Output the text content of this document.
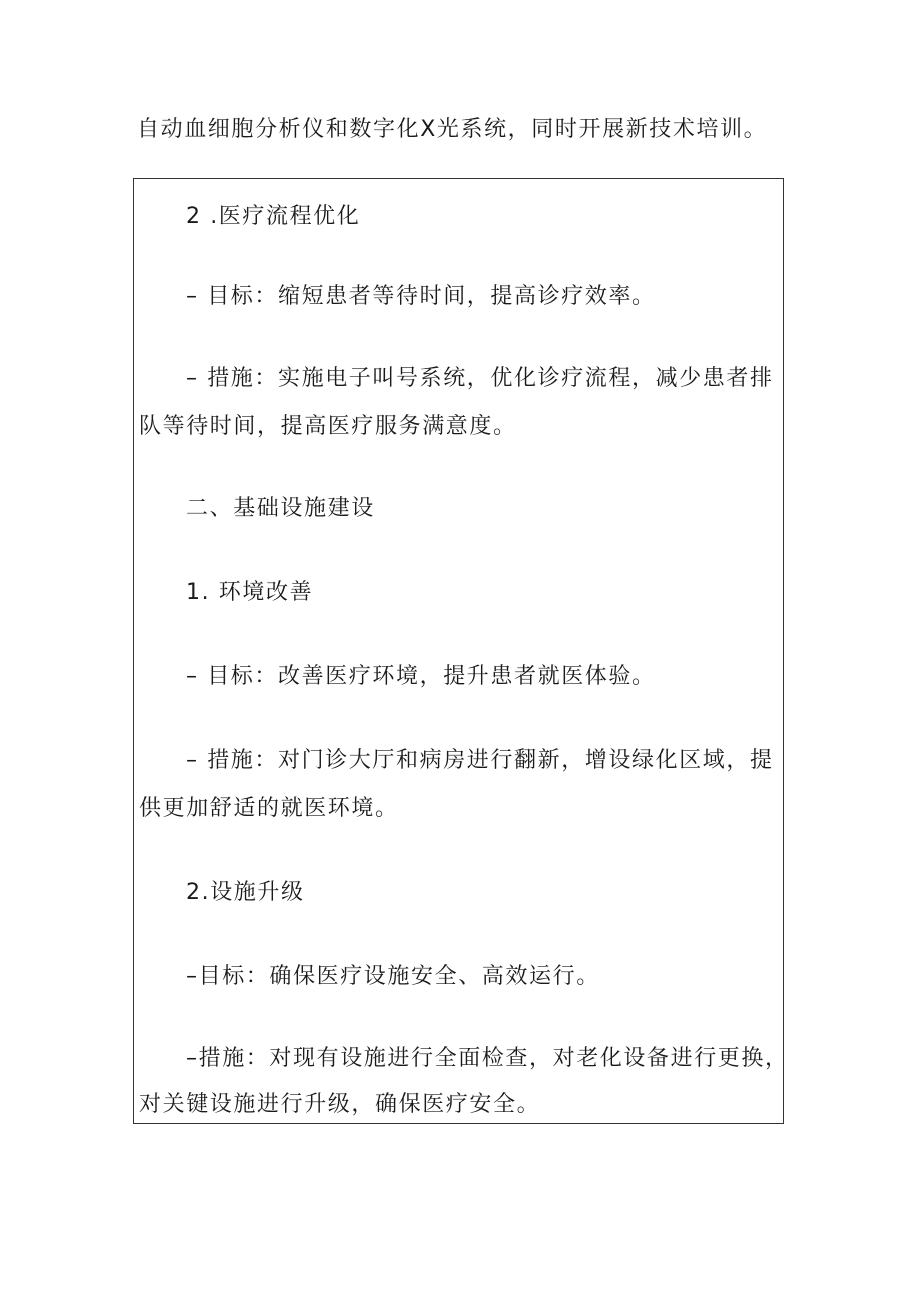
自动血细胞分析仪和数字化X光系统，同时开展新技术培训。
2 .医疗流程优化
– 目标：缩短患者等待时间，提高诊疗效率。
– 措施：实施电子叫号系统，优化诊疗流程，减少患者排
队等待时间，提高医疗服务满意度。
二、基础设施建设
1. 环境改善
– 目标：改善医疗环境，提升患者就医体验。
– 措施：对门诊大厅和病房进行翻新，增设绿化区域，提
供更加舒适的就医环境。
2.设施升级
–目标：确保医疗设施安全、高效运行。
–措施：对现有设施进行全面检查，对老化设备进行更换，
对关键设施进行升级，确保医疗安全。
